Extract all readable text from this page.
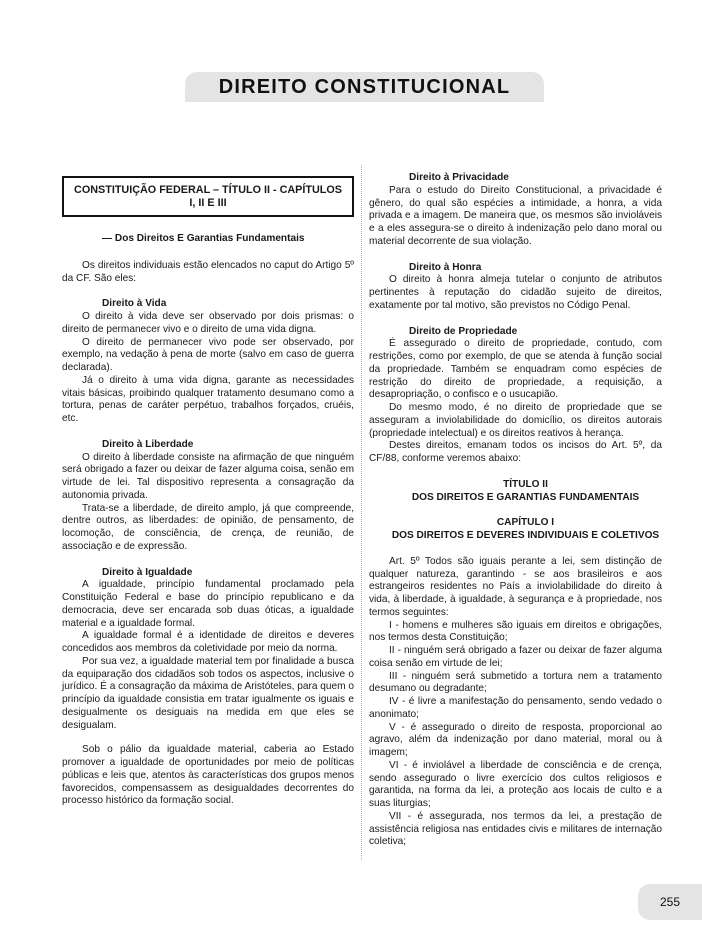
DIREITO CONSTITUCIONAL
CONSTITUIÇÃO FEDERAL – TÍTULO II - CAPÍTULOS I, II E III

— Dos Direitos E Garantias Fundamentais

Os direitos individuais estão elencados no caput do Artigo 5º da CF. São eles:

Direito à Vida

O direito à vida deve ser observado por dois prismas: o direito de permanecer vivo e o direito de uma vida digna.

O direito de permanecer vivo pode ser observado, por exemplo, na vedação à pena de morte (salvo em caso de guerra declarada).

Já o direito à uma vida digna, garante as necessidades vitais básicas, proibindo qualquer tratamento desumano como a tortura, penas de caráter perpétuo, trabalhos forçados, cruéis, etc.

Direito à Liberdade

O direito à liberdade consiste na afirmação de que ninguém será obrigado a fazer ou deixar de fazer alguma coisa, senão em virtude de lei. Tal dispositivo representa a consagração da autonomia privada.

Trata-se a liberdade, de direito amplo, já que compreende, dentre outros, as liberdades: de opinião, de pensamento, de locomoção, de consciência, de crença, de reunião, de associação e de expressão.

Direito à Igualdade

A igualdade, princípio fundamental proclamado pela Constituição Federal e base do princípio republicano e da democracia, deve ser encarada sob duas óticas, a igualdade material e a igualdade formal.

A igualdade formal é a identidade de direitos e deveres concedidos aos membros da coletividade por meio da norma.

Por sua vez, a igualdade material tem por finalidade a busca da equiparação dos cidadãos sob todos os aspectos, inclusive o jurídico. É a consagração da máxima de Aristóteles, para quem o princípio da igualdade consistia em tratar igualmente os iguais e desigualmente os desiguais na medida em que eles se desigualam.

Sob o pálio da igualdade material, caberia ao Estado promover a igualdade de oportunidades por meio de políticas públicas e leis que, atentos às características dos grupos menos favorecidos, compensassem as desigualdades decorrentes do processo histórico da formação social.

Direito à Privacidade

Para o estudo do Direito Constitucional, a privacidade é gênero, do qual são espécies a intimidade, a honra, a vida privada e a imagem. De maneira que, os mesmos são invioláveis e a eles assegura-se o direito à indenização pelo dano moral ou material decorrente de sua violação.

Direito à Honra

O direito à honra almeja tutelar o conjunto de atributos pertinentes à reputação do cidadão sujeito de direitos, exatamente por tal motivo, são previstos no Código Penal.

Direito de Propriedade

É assegurado o direito de propriedade, contudo, com restrições, como por exemplo, de que se atenda à função social da propriedade. Também se enquadram como espécies de restrição do direito de propriedade, a requisição, a desapropriação, o confisco e o usucapião.

Do mesmo modo, é no direito de propriedade que se asseguram a inviolabilidade do domicílio, os direitos autorais (propriedade intelectual) e os direitos reativos à herança.

Destes direitos, emanam todos os incisos do Art. 5º, da CF/88, conforme veremos abaixo:

TÍTULO II

DOS DIREITOS E GARANTIAS FUNDAMENTAIS

CAPÍTULO I

DOS DIREITOS E DEVERES INDIVIDUAIS E COLETIVOS

Art. 5º Todos são iguais perante a lei, sem distinção de qualquer natureza, garantindo - se aos brasileiros e aos estrangeiros residentes no País a inviolabilidade do direito à vida, à liberdade, à igualdade, à segurança e à propriedade, nos termos seguintes:

I - homens e mulheres são iguais em direitos e obrigações, nos termos desta Constituição;

II - ninguém será obrigado a fazer ou deixar de fazer alguma coisa senão em virtude de lei;

III - ninguém será submetido a tortura nem a tratamento desumano ou degradante;

IV - é livre a manifestação do pensamento, sendo vedado o anonimato;

V - é assegurado o direito de resposta, proporcional ao agravo, além da indenização por dano material, moral ou à imagem;

VI - é inviolável a liberdade de consciência e de crença, sendo assegurado o livre exercício dos cultos religiosos e garantida, na forma da lei, a proteção aos locais de culto e a suas liturgias;

VII - é assegurada, nos termos da lei, a prestação de assistência religiosa nas entidades civis e militares de internação coletiva;

255
